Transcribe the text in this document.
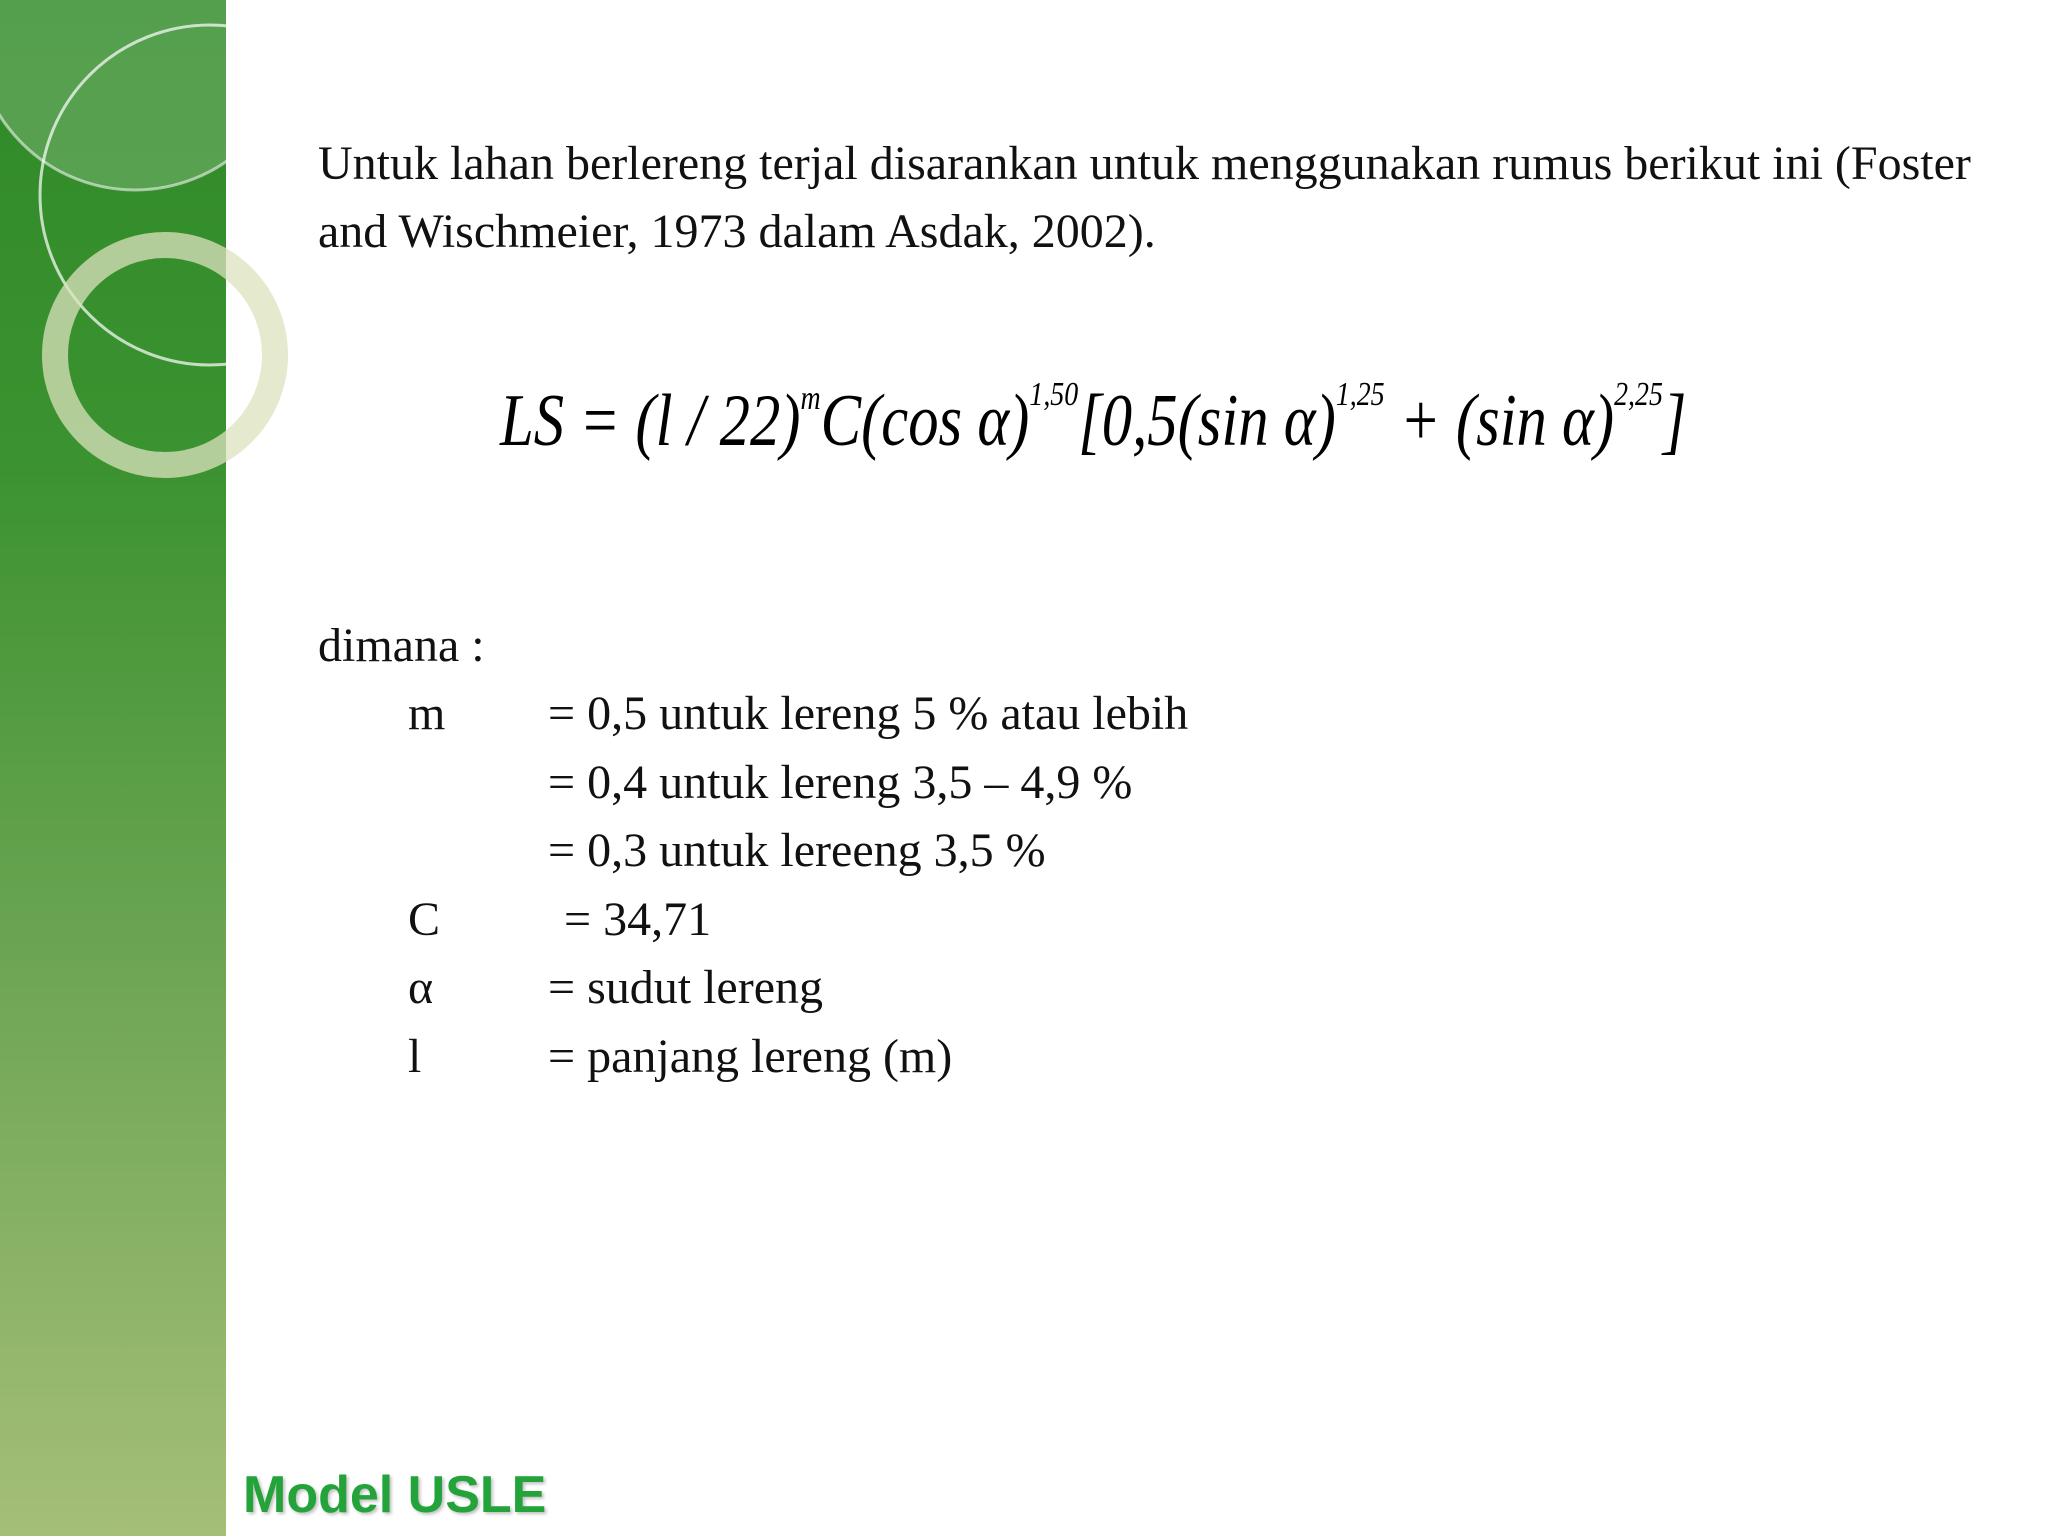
Untuk lahan berlereng terjal disarankan untuk menggunakan rumus berikut ini (Foster and Wischmeier, 1973 dalam Asdak, 2002).
LS = (l / 22)$^m$C(cos α)$^{1,50}$[0,5(sin α)$^{1,25}$ + (sin α)$^{2,25}$]
dimana :
m	= 0,5 untuk lereng 5 % atau lebih
= 0,4 untuk lereng 3,5 – 4,9 %
= 0,3 untuk lereeng 3,5 %
C	= 34,71
α	= sudut lereng
l	= panjang lereng (m)
Model USLE
